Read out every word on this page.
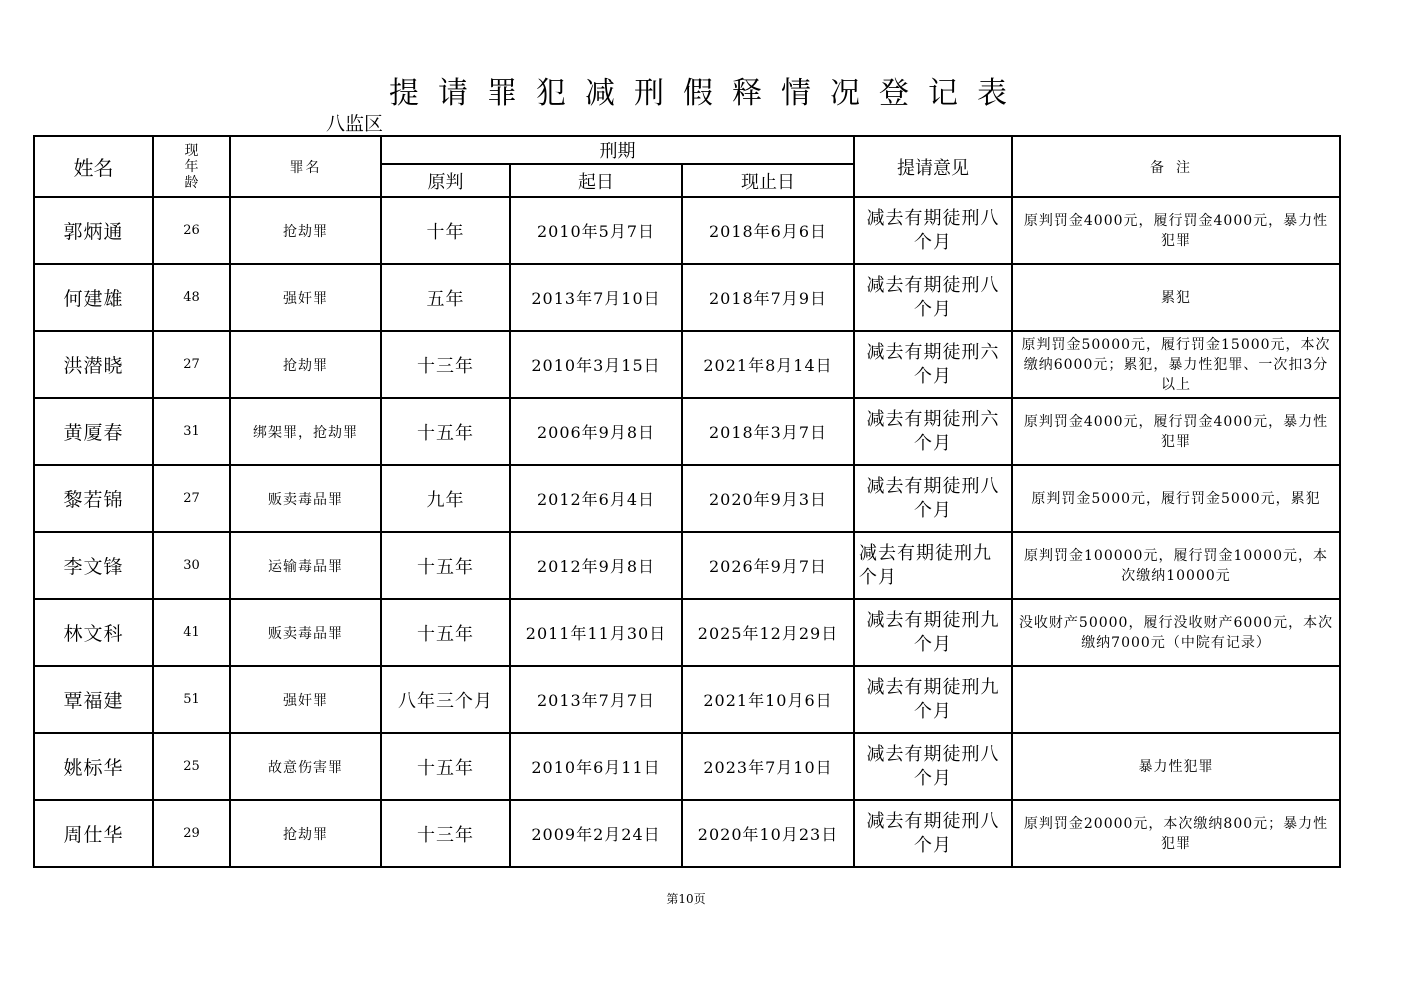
提请罪犯减刑假释情况登记表
八监区
姓名	现年龄	罪名	刑期			提请意见	备注
			原判	起日	现止日		
郭炳通	26	抢劫罪	十年	2010年5月7日	2018年6月6日	减去有期徒刑八个月	原判罚金4000元，履行罚金4000元，暴力性犯罪
何建雄	48	强奸罪	五年	2013年7月10日	2018年7月9日	减去有期徒刑八个月	累犯
洪潜晓	27	抢劫罪	十三年	2010年3月15日	2021年8月14日	减去有期徒刑六个月	原判罚金50000元，履行罚金15000元，本次缴纳6000元；累犯，暴力性犯罪、一次扣3分以上
黄厦春	31	绑架罪，抢劫罪	十五年	2006年9月8日	2018年3月7日	减去有期徒刑六个月	原判罚金4000元，履行罚金4000元，暴力性犯罪
黎若锦	27	贩卖毒品罪	九年	2012年6月4日	2020年9月3日	减去有期徒刑八个月	原判罚金5000元，履行罚金5000元，累犯
李文锋	30	运输毒品罪	十五年	2012年9月8日	2026年9月7日	减去有期徒刑九个月	原判罚金100000元，履行罚金10000元，本次缴纳10000元
林文科	41	贩卖毒品罪	十五年	2011年11月30日	2025年12月29日	减去有期徒刑九个月	没收财产50000，履行没收财产6000元，本次缴纳7000元（中院有记录）
覃福建	51	强奸罪	八年三个月	2013年7月7日	2021年10月6日	减去有期徒刑九个月	
姚标华	25	故意伤害罪	十五年	2010年6月11日	2023年7月10日	减去有期徒刑八个月	暴力性犯罪
周仕华	29	抢劫罪	十三年	2009年2月24日	2020年10月23日	减去有期徒刑八个月	原判罚金20000元，本次缴纳800元；暴力性犯罪
第10页
